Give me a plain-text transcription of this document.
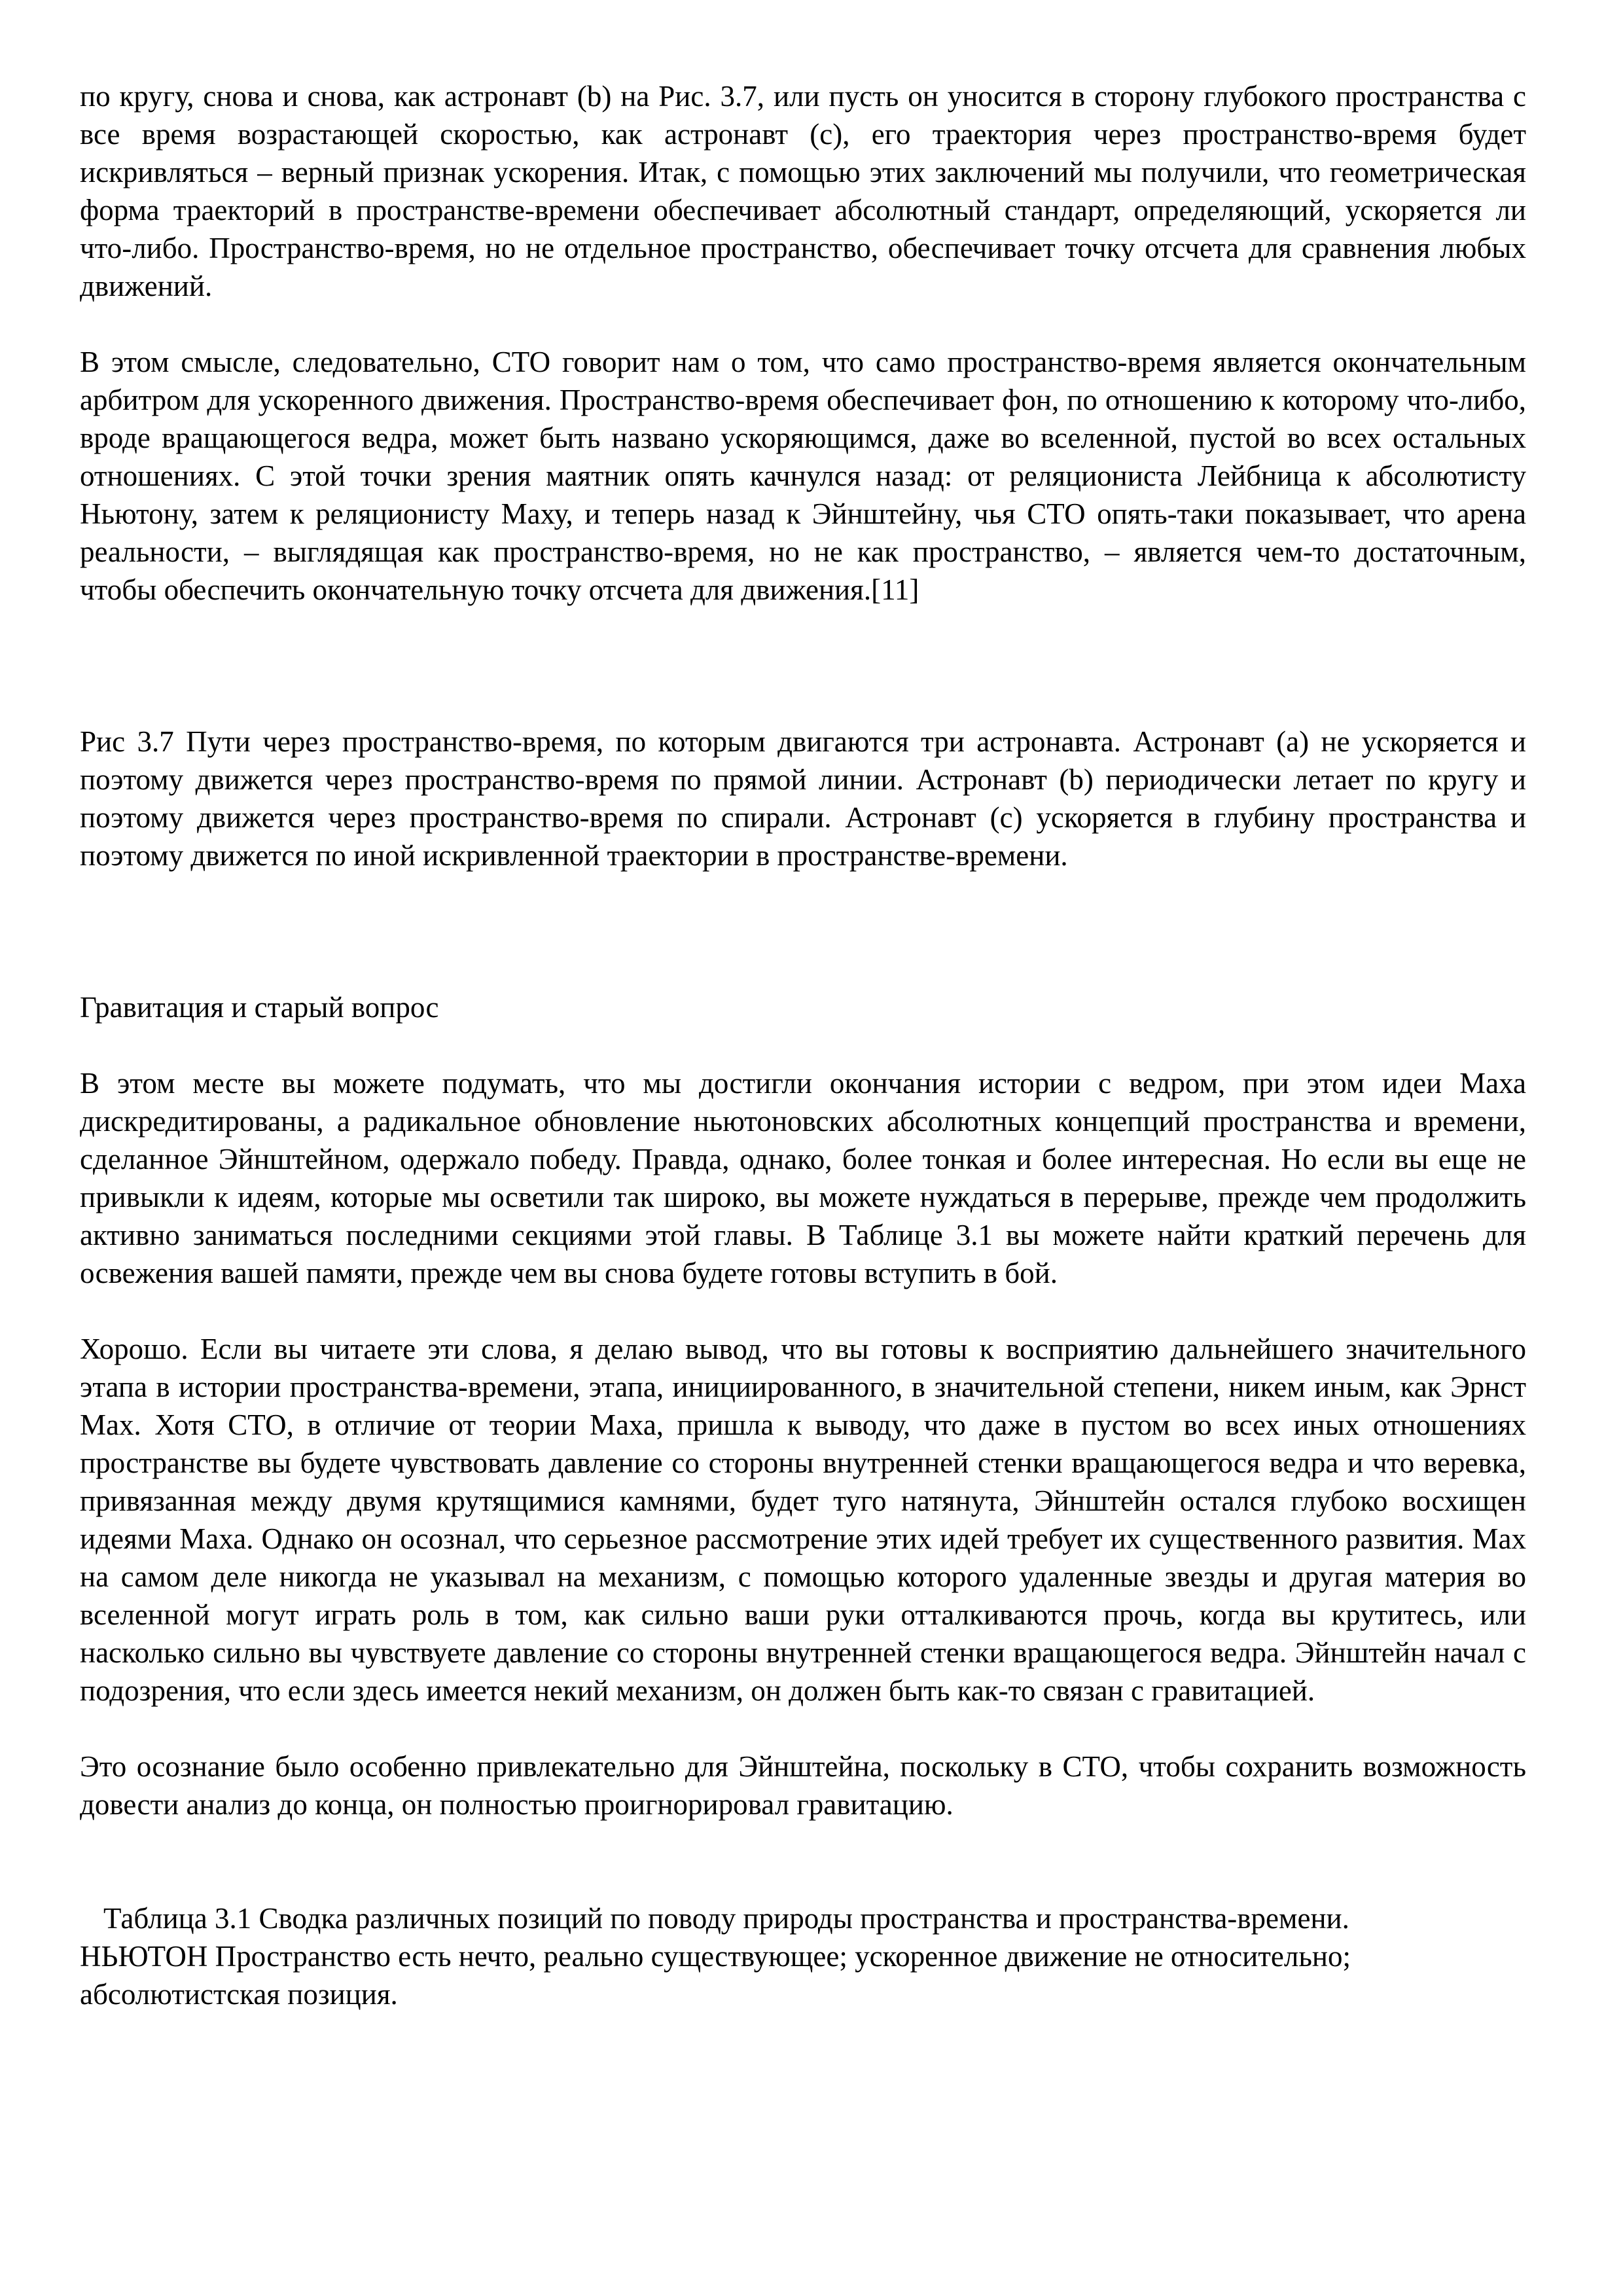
по кругу, снова и снова, как астронавт (b) на Рис. 3.7, или пусть он уносится в сторону глубокого пространства с все время возрастающей скоростью, как астронавт (с), его траектория через пространство-время будет искривляться – верный признак ускорения. Итак, с помощью этих заключений мы получили, что геометрическая форма траекторий в пространстве-времени обеспечивает абсолютный стандарт, определяющий, ускоряется ли что-либо. Пространство-время, но не отдельное пространство, обеспечивает точку отсчета для сравнения любых движений.

В этом смысле, следовательно, СТО говорит нам о том, что само пространство-время является окончательным арбитром для ускоренного движения. Пространство-время обеспечивает фон, по отношению к которому что-либо, вроде вращающегося ведра, может быть названо ускоряющимся, даже во вселенной, пустой во всех остальных отношениях. С этой точки зрения маятник опять качнулся назад: от реляциониста Лейбница к абсолютисту Ньютону, затем к реляционисту Маху, и теперь назад к Эйнштейну, чья СТО опять-таки показывает, что арена реальности, – выглядящая как пространство-время, но не как пространство, – является чем-то достаточным, чтобы обеспечить окончательную точку отсчета для движения.[11]

Рис 3.7 Пути через пространство-время, по которым двигаются три астронавта. Астронавт (а) не ускоряется и поэтому движется через пространство-время по прямой линии. Астронавт (b) периодически летает по кругу и поэтому движется через пространство-время по спирали. Астронавт (с) ускоряется в глубину пространства и поэтому движется по иной искривленной траектории в пространстве-времени.

Гравитация и старый вопрос

В этом месте вы можете подумать, что мы достигли окончания истории с ведром, при этом идеи Маха дискредитированы, а радикальное обновление ньютоновских абсолютных концепций пространства и времени, сделанное Эйнштейном, одержало победу. Правда, однако, более тонкая и более интересная. Но если вы еще не привыкли к идеям, которые мы осветили так широко, вы можете нуждаться в перерыве, прежде чем продолжить активно заниматься последними секциями этой главы. В Таблице 3.1 вы можете найти краткий перечень для освежения вашей памяти, прежде чем вы снова будете готовы вступить в бой.

Хорошо. Если вы читаете эти слова, я делаю вывод, что вы готовы к восприятию дальнейшего значительного этапа в истории пространства-времени, этапа, инициированного, в значительной степени, никем иным, как Эрнст Мах. Хотя СТО, в отличие от теории Маха, пришла к выводу, что даже в пустом во всех иных отношениях пространстве вы будете чувствовать давление со стороны внутренней стенки вращающегося ведра и что веревка, привязанная между двумя крутящимися камнями, будет туго натянута, Эйнштейн остался глубоко восхищен идеями Маха. Однако он осознал, что серьезное рассмотрение этих идей требует их существенного развития. Мах на самом деле никогда не указывал на механизм, с помощью которого удаленные звезды и другая материя во вселенной могут играть роль в том, как сильно ваши руки отталкиваются прочь, когда вы крутитесь, или насколько сильно вы чувствуете давление со стороны внутренней стенки вращающегося ведра. Эйнштейн начал с подозрения, что если здесь имеется некий механизм, он должен быть как-то связан с гравитацией.

Это осознание было особенно привлекательно для Эйнштейна, поскольку в СТО, чтобы сохранить возможность довести анализ до конца, он полностью проигнорировал гравитацию.

Таблица 3.1 Сводка различных позиций по поводу природы пространства и пространства-времени.

НЬЮТОН Пространство есть нечто, реально существующее; ускоренное движение не относительно; абсолютистская позиция.
